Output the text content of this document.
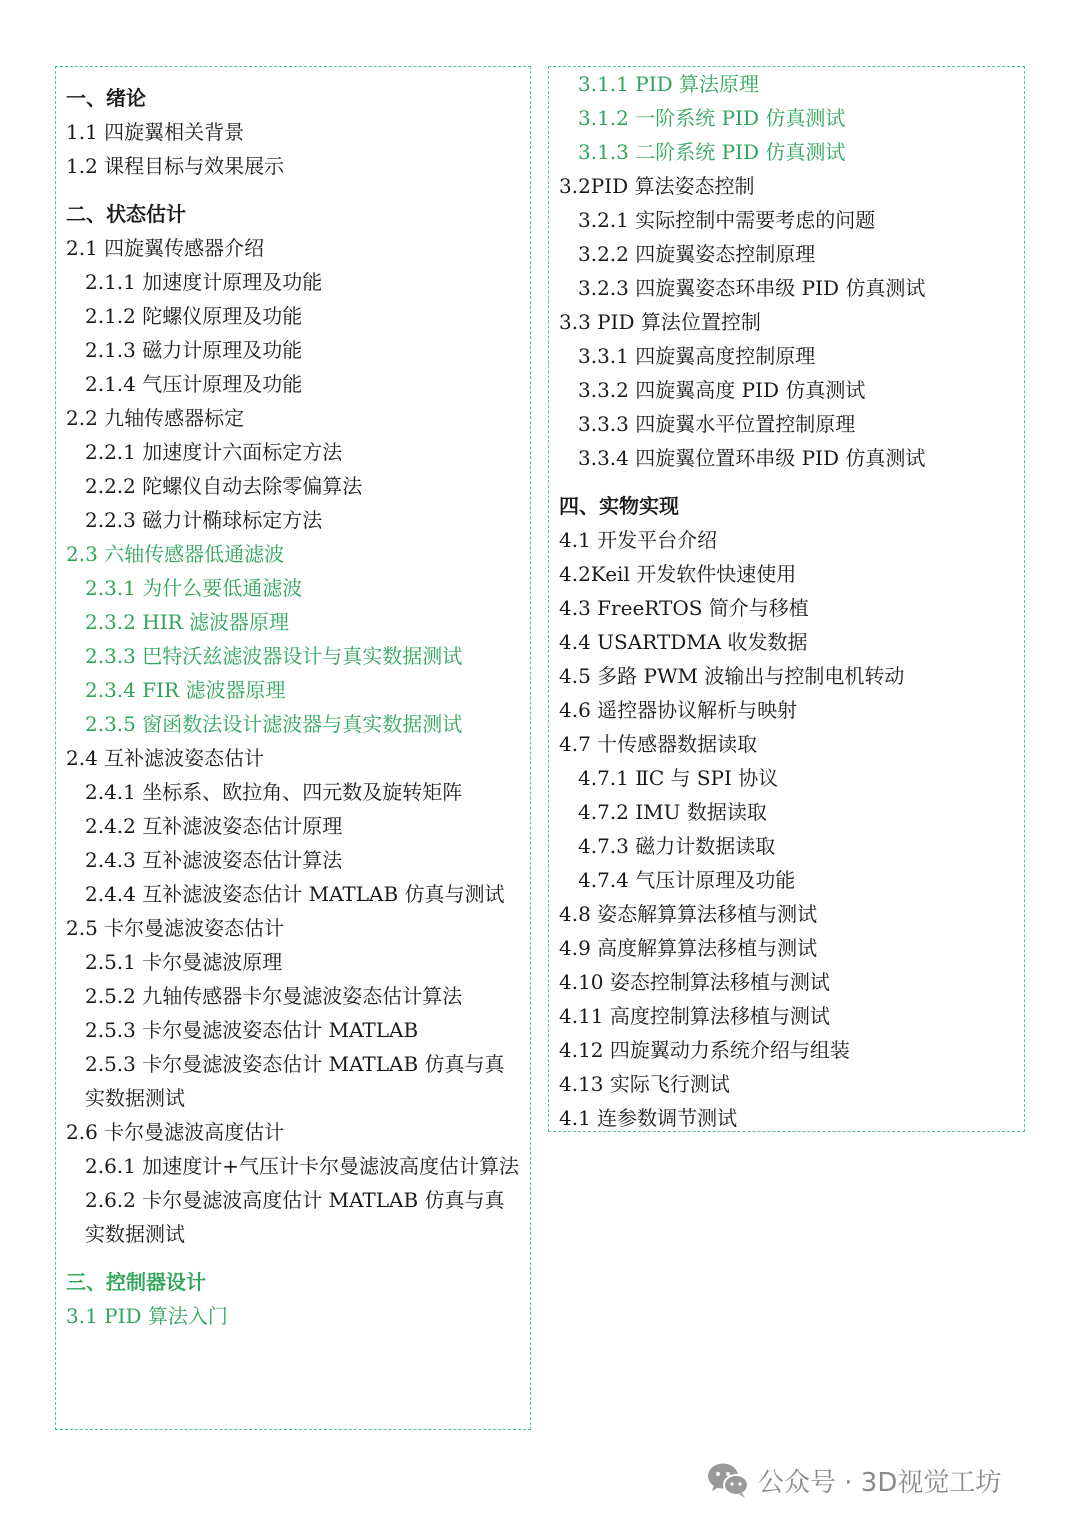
一、绪论
1.1 四旋翼相关背景
1.2 课程目标与效果展示
二、状态估计
2.1 四旋翼传感器介绍
2.1.1 加速度计原理及功能
2.1.2 陀螺仪原理及功能
2.1.3 磁力计原理及功能
2.1.4 气压计原理及功能
2.2 九轴传感器标定
2.2.1 加速度计六面标定方法
2.2.2 陀螺仪自动去除零偏算法
2.2.3 磁力计椭球标定方法
2.3 六轴传感器低通滤波
2.3.1 为什么要低通滤波
2.3.2 HIR 滤波器原理
2.3.3 巴特沃兹滤波器设计与真实数据测试
2.3.4 FIR 滤波器原理
2.3.5 窗函数法设计滤波器与真实数据测试
2.4 互补滤波姿态估计
2.4.1 坐标系、欧拉角、四元数及旋转矩阵
2.4.2 互补滤波姿态估计原理
2.4.3 互补滤波姿态估计算法
2.4.4 互补滤波姿态估计 MATLAB 仿真与测试
2.5 卡尔曼滤波姿态估计
2.5.1 卡尔曼滤波原理
2.5.2 九轴传感器卡尔曼滤波姿态估计算法
2.5.3 卡尔曼滤波姿态估计 MATLAB
2.5.3 卡尔曼滤波姿态估计 MATLAB 仿真与真实数据测试
2.6 卡尔曼滤波高度估计
2.6.1 加速度计+气压计卡尔曼滤波高度估计算法
2.6.2 卡尔曼滤波高度估计 MATLAB 仿真与真实数据测试
三、控制器设计
3.1 PID 算法入门
3.1.1 PID 算法原理
3.1.2 一阶系统 PID 仿真测试
3.1.3 二阶系统 PID 仿真测试
3.2PID 算法姿态控制
3.2.1 实际控制中需要考虑的问题
3.2.2 四旋翼姿态控制原理
3.2.3 四旋翼姿态环串级 PID 仿真测试
3.3 PID 算法位置控制
3.3.1 四旋翼高度控制原理
3.3.2 四旋翼高度 PID 仿真测试
3.3.3 四旋翼水平位置控制原理
3.3.4 四旋翼位置环串级 PID 仿真测试
四、实物实现
4.1 开发平台介绍
4.2Keil 开发软件快速使用
4.3 FreeRTOS 简介与移植
4.4 USARTDMA 收发数据
4.5 多路 PWM 波输出与控制电机转动
4.6 遥控器协议解析与映射
4.7 十传感器数据读取
4.7.1 ⅡC 与 SPI 协议
4.7.2 IMU 数据读取
4.7.3 磁力计数据读取
4.7.4 气压计原理及功能
4.8 姿态解算算法移植与测试
4.9 高度解算算法移植与测试
4.10 姿态控制算法移植与测试
4.11 高度控制算法移植与测试
4.12 四旋翼动力系统介绍与组装
4.13 实际飞行测试
4.1 连参数调节测试
公众号 · 3D视觉工坊
